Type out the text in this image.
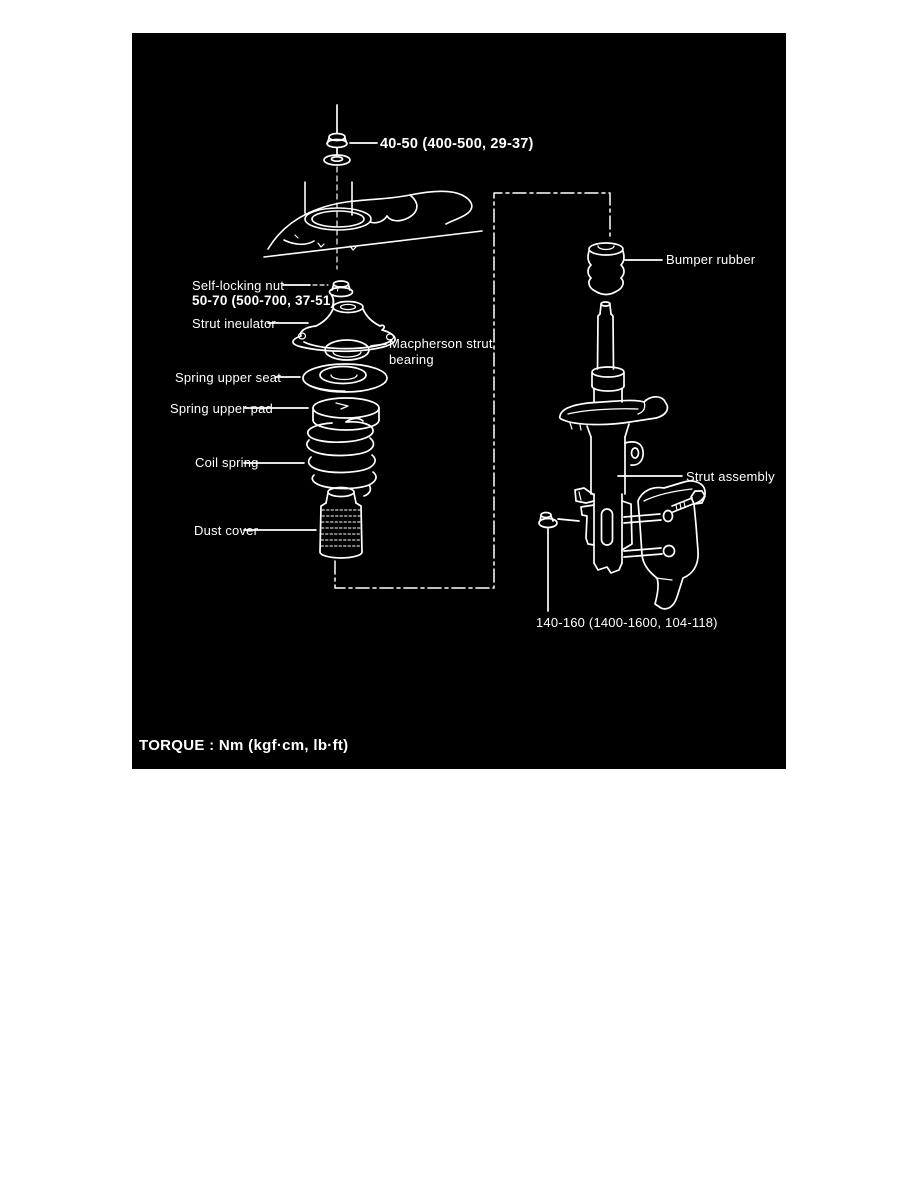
40-50 (400-500, 29-37)
Self-locking nut
50-70 (500-700, 37-51)
Strut ineulator
Macpherson strut bearing
Spring upper seat
Spring upper pad
Coil spring
Dust cover
Bumper rubber
Strut assembly
140-160 (1400-1600, 104-118)
TORQUE : Nm (kgf·cm, lb·ft)
